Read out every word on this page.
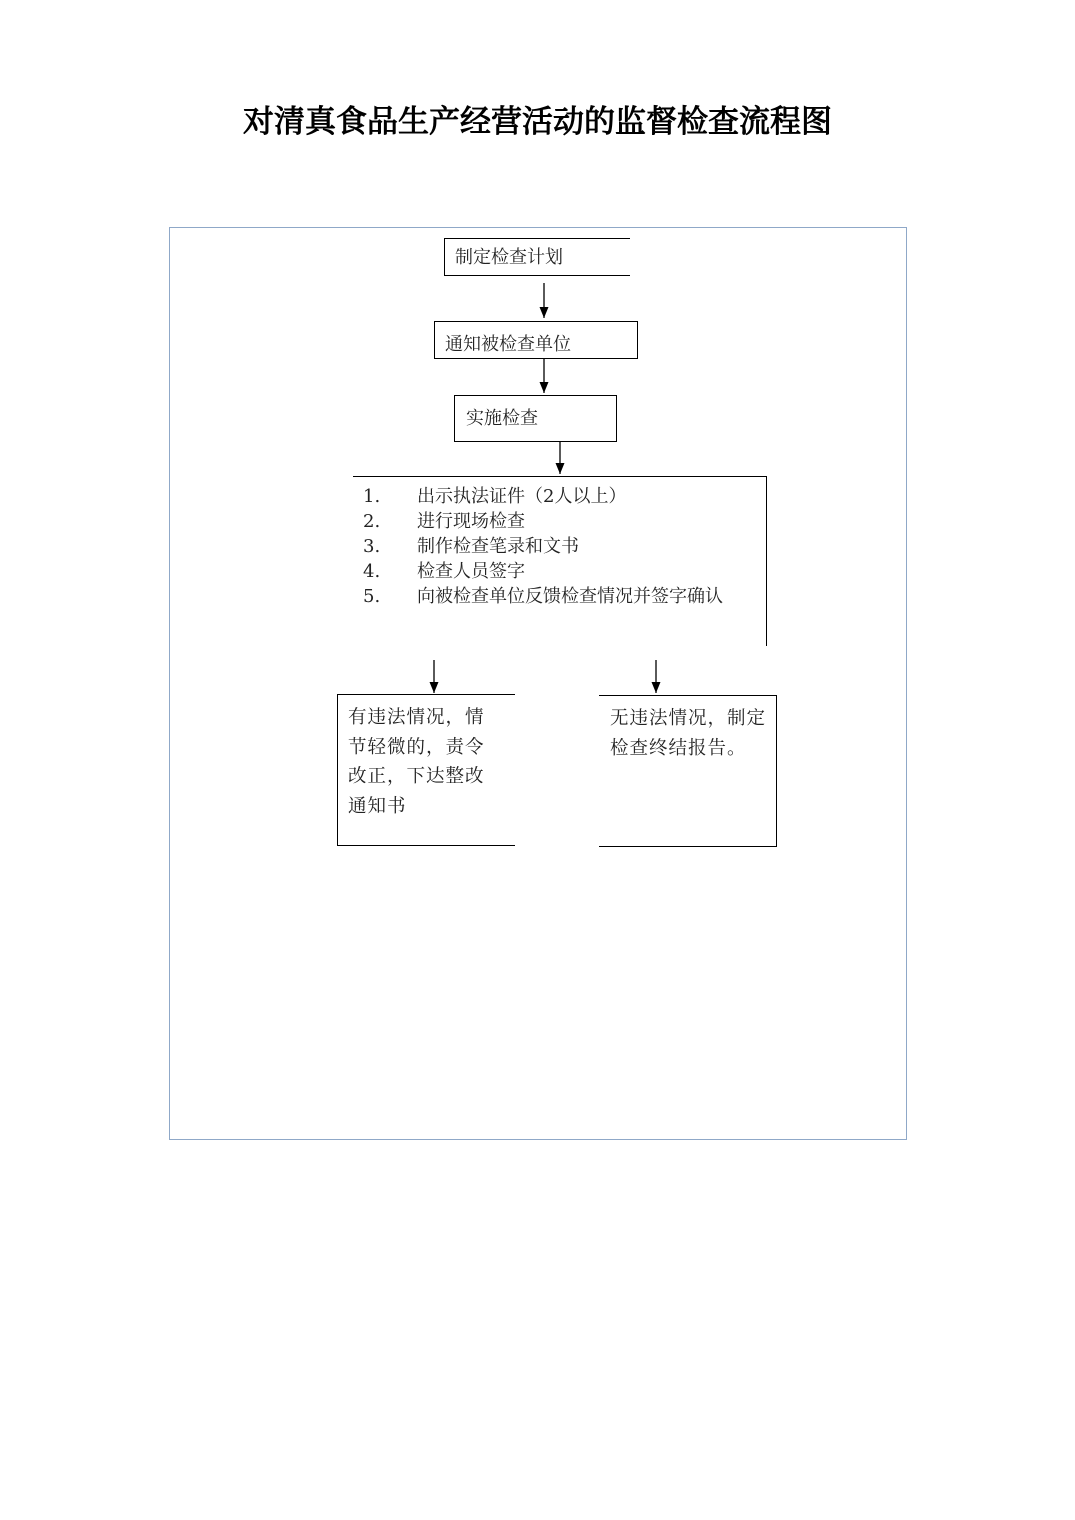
对清真食品生产经营活动的监督检查流程图
制定检查计划
通知被检查单位
实施检查
1. 出示执法证件（2人以上）
2. 进行现场检查
3. 制作检查笔录和文书
4. 检查人员签字
5. 向被检查单位反馈检查情况并签字确认
有违法情况，情节轻微的，责令改正，下达整改通知书
无违法情况，制定检查终结报告。
